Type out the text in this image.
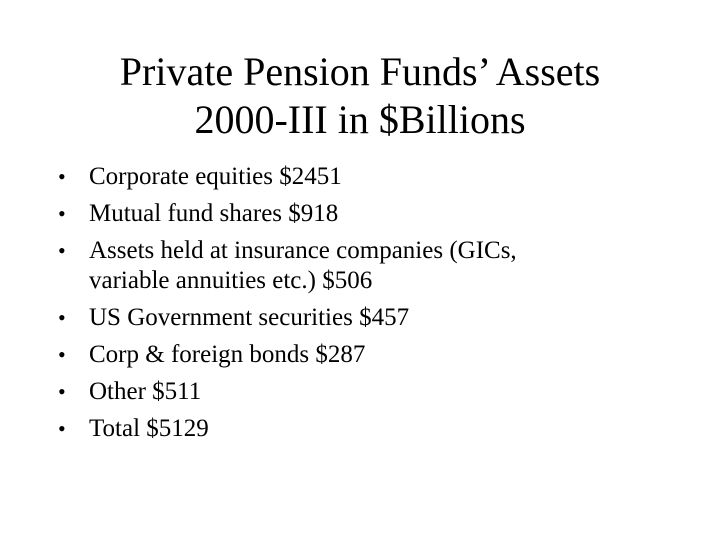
Private Pension Funds’ Assets
2000-III in $Billions
• Corporate equities $2451
• Mutual fund shares $918
• Assets held at insurance companies (GICs,
variable annuities etc.) $506
• US Government securities $457
• Corp & foreign bonds $287
• Other $511
• Total $5129
